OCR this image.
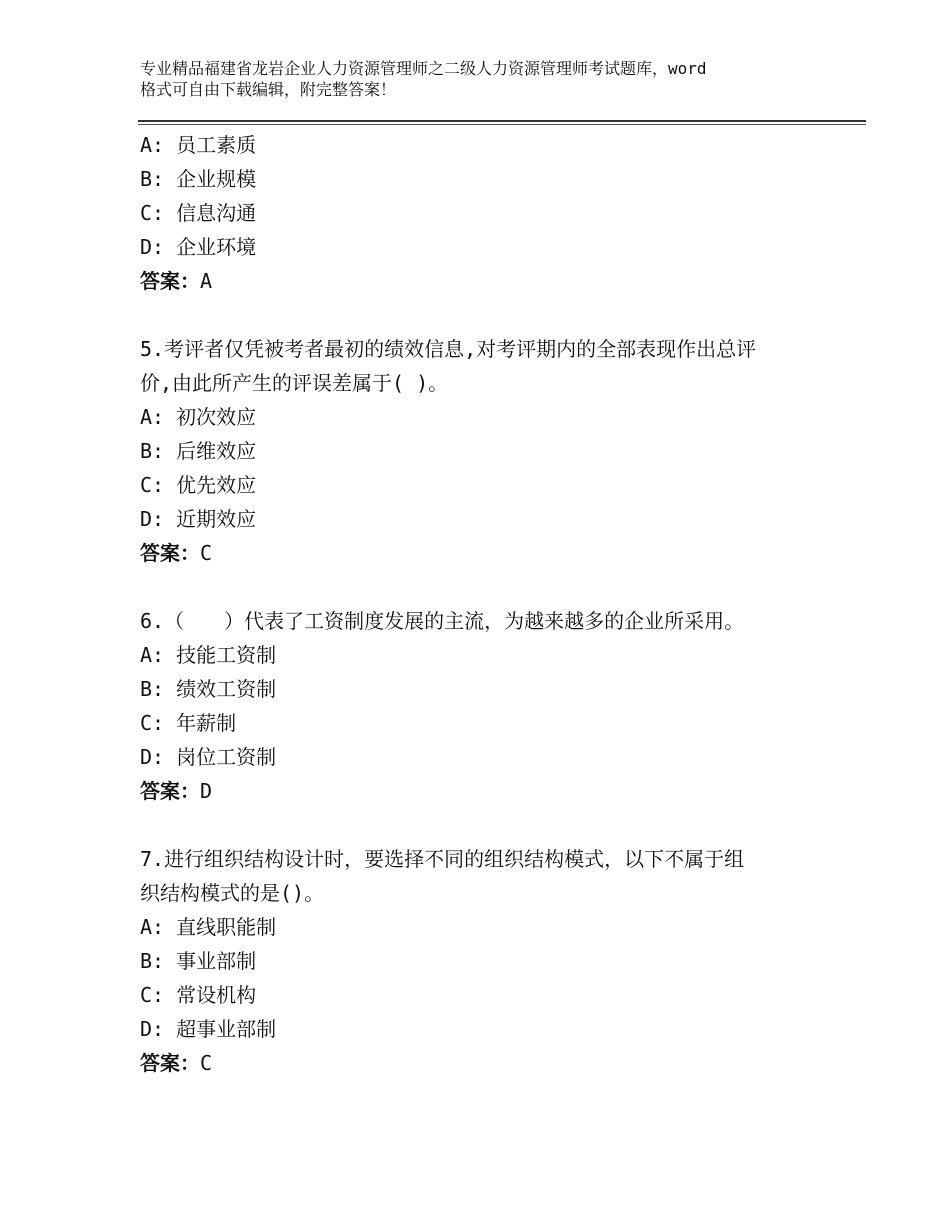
专业精品福建省龙岩企业人力资源管理师之二级人力资源管理师考试题库，word
格式可自由下载编辑，附完整答案！
A: 员工素质
B: 企业规模
C: 信息沟通
D: 企业环境
答案：A
5.考评者仅凭被考者最初的绩效信息,对考评期内的全部表现作出总评
价,由此所产生的评误差属于( )。
A: 初次效应
B: 后维效应
C: 优先效应
D: 近期效应
答案：C
6.（　　）代表了工资制度发展的主流，为越来越多的企业所采用。
A: 技能工资制
B: 绩效工资制
C: 年薪制
D: 岗位工资制
答案：D
7.进行组织结构设计时，要选择不同的组织结构模式，以下不属于组
织结构模式的是()。
A: 直线职能制
B: 事业部制
C: 常设机构
D: 超事业部制
答案：C
